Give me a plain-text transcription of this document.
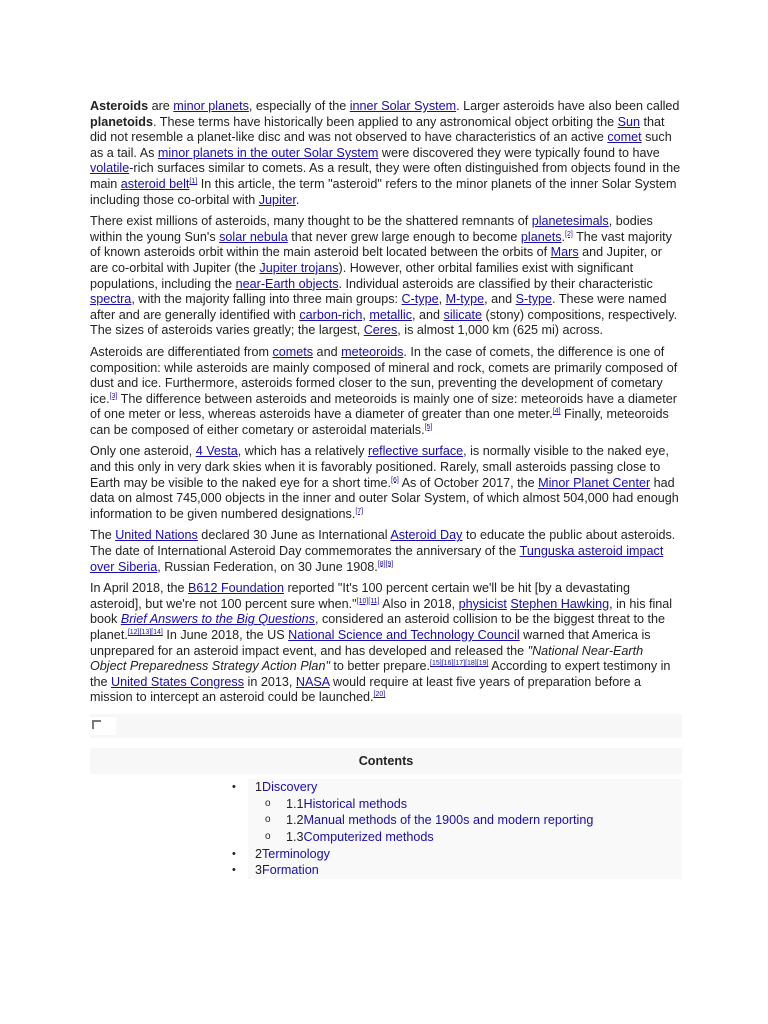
Asteroids are minor planets, especially of the inner Solar System. Larger asteroids have also been called planetoids. These terms have historically been applied to any astronomical object orbiting the Sun that did not resemble a planet-like disc and was not observed to have characteristics of an active comet such as a tail. As minor planets in the outer Solar System were discovered they were typically found to have volatile-rich surfaces similar to comets. As a result, they were often distinguished from objects found in the main asteroid belt[1] In this article, the term "asteroid" refers to the minor planets of the inner Solar System including those co-orbital with Jupiter.

There exist millions of asteroids, many thought to be the shattered remnants of planetesimals, bodies within the young Sun's solar nebula that never grew large enough to become planets.[2] The vast majority of known asteroids orbit within the main asteroid belt located between the orbits of Mars and Jupiter, or are co-orbital with Jupiter (the Jupiter trojans). However, other orbital families exist with significant populations, including the near-Earth objects. Individual asteroids are classified by their characteristic spectra, with the majority falling into three main groups: C-type, M-type, and S-type. These were named after and are generally identified with carbon-rich, metallic, and silicate (stony) compositions, respectively. The sizes of asteroids varies greatly; the largest, Ceres, is almost 1,000 km (625 mi) across.

Asteroids are differentiated from comets and meteoroids. In the case of comets, the difference is one of composition: while asteroids are mainly composed of mineral and rock, comets are primarily composed of dust and ice. Furthermore, asteroids formed closer to the sun, preventing the development of cometary ice.[3] The difference between asteroids and meteoroids is mainly one of size: meteoroids have a diameter of one meter or less, whereas asteroids have a diameter of greater than one meter.[4] Finally, meteoroids can be composed of either cometary or asteroidal materials.[5]

Only one asteroid, 4 Vesta, which has a relatively reflective surface, is normally visible to the naked eye, and this only in very dark skies when it is favorably positioned. Rarely, small asteroids passing close to Earth may be visible to the naked eye for a short time.[6] As of October 2017, the Minor Planet Center had data on almost 745,000 objects in the inner and outer Solar System, of which almost 504,000 had enough information to be given numbered designations.[7]

The United Nations declared 30 June as International Asteroid Day to educate the public about asteroids. The date of International Asteroid Day commemorates the anniversary of the Tunguska asteroid impact over Siberia, Russian Federation, on 30 June 1908.[8][9]

In April 2018, the B612 Foundation reported "It's 100 percent certain we'll be hit [by a devastating asteroid], but we're not 100 percent sure when."[10][11] Also in 2018, physicist Stephen Hawking, in his final book Brief Answers to the Big Questions, considered an asteroid collision to be the biggest threat to the planet.[12][13][14] In June 2018, the US National Science and Technology Council warned that America is unprepared for an asteroid impact event, and has developed and released the "National Near-Earth Object Preparedness Strategy Action Plan" to better prepare.[15][16][17][18][19] According to expert testimony in the United States Congress in 2013, NASA would require at least five years of preparation before a mission to intercept an asteroid could be launched.[20]

Contents
• 1Discovery
o 1.1Historical methods
o 1.2Manual methods of the 1900s and modern reporting
o 1.3Computerized methods
• 2Terminology
• 3Formation
